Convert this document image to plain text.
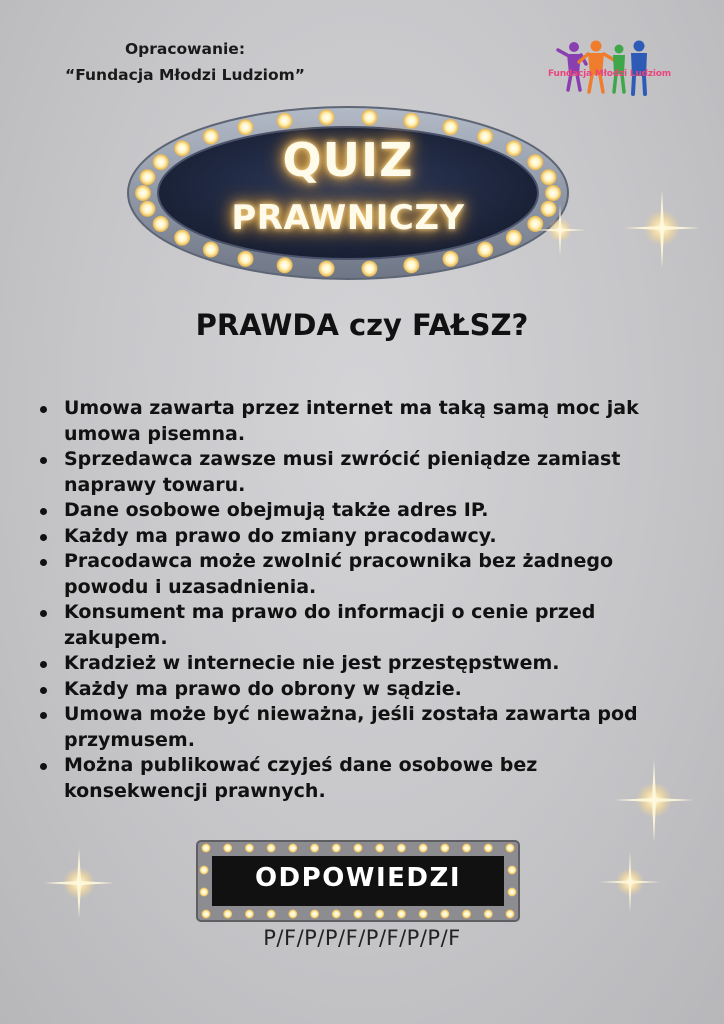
Opracowanie:
“Fundacja Młodzi Ludziom”	Fundacja Młodzi Ludziom
QUIZ
PRAWNICZY
PRAWDA czy FAŁSZ?
Umowa zawarta przez internet ma taką samą moc jak umowa pisemna.
Sprzedawca zawsze musi zwrócić pieniądze zamiast naprawy towaru.
Dane osobowe obejmują także adres IP.
Każdy ma prawo do zmiany pracodawcy.
Pracodawca może zwolnić pracownika bez żadnego powodu i uzasadnienia.
Konsument ma prawo do informacji o cenie przed zakupem.
Kradzież w internecie nie jest przestępstwem.
Każdy ma prawo do obrony w sądzie.
Umowa może być nieważna, jeśli została zawarta pod przymusem.
Można publikować czyjeś dane osobowe bez konsekwencji prawnych.
ODPOWIEDZI
P/F/P/P/F/P/F/P/P/F
